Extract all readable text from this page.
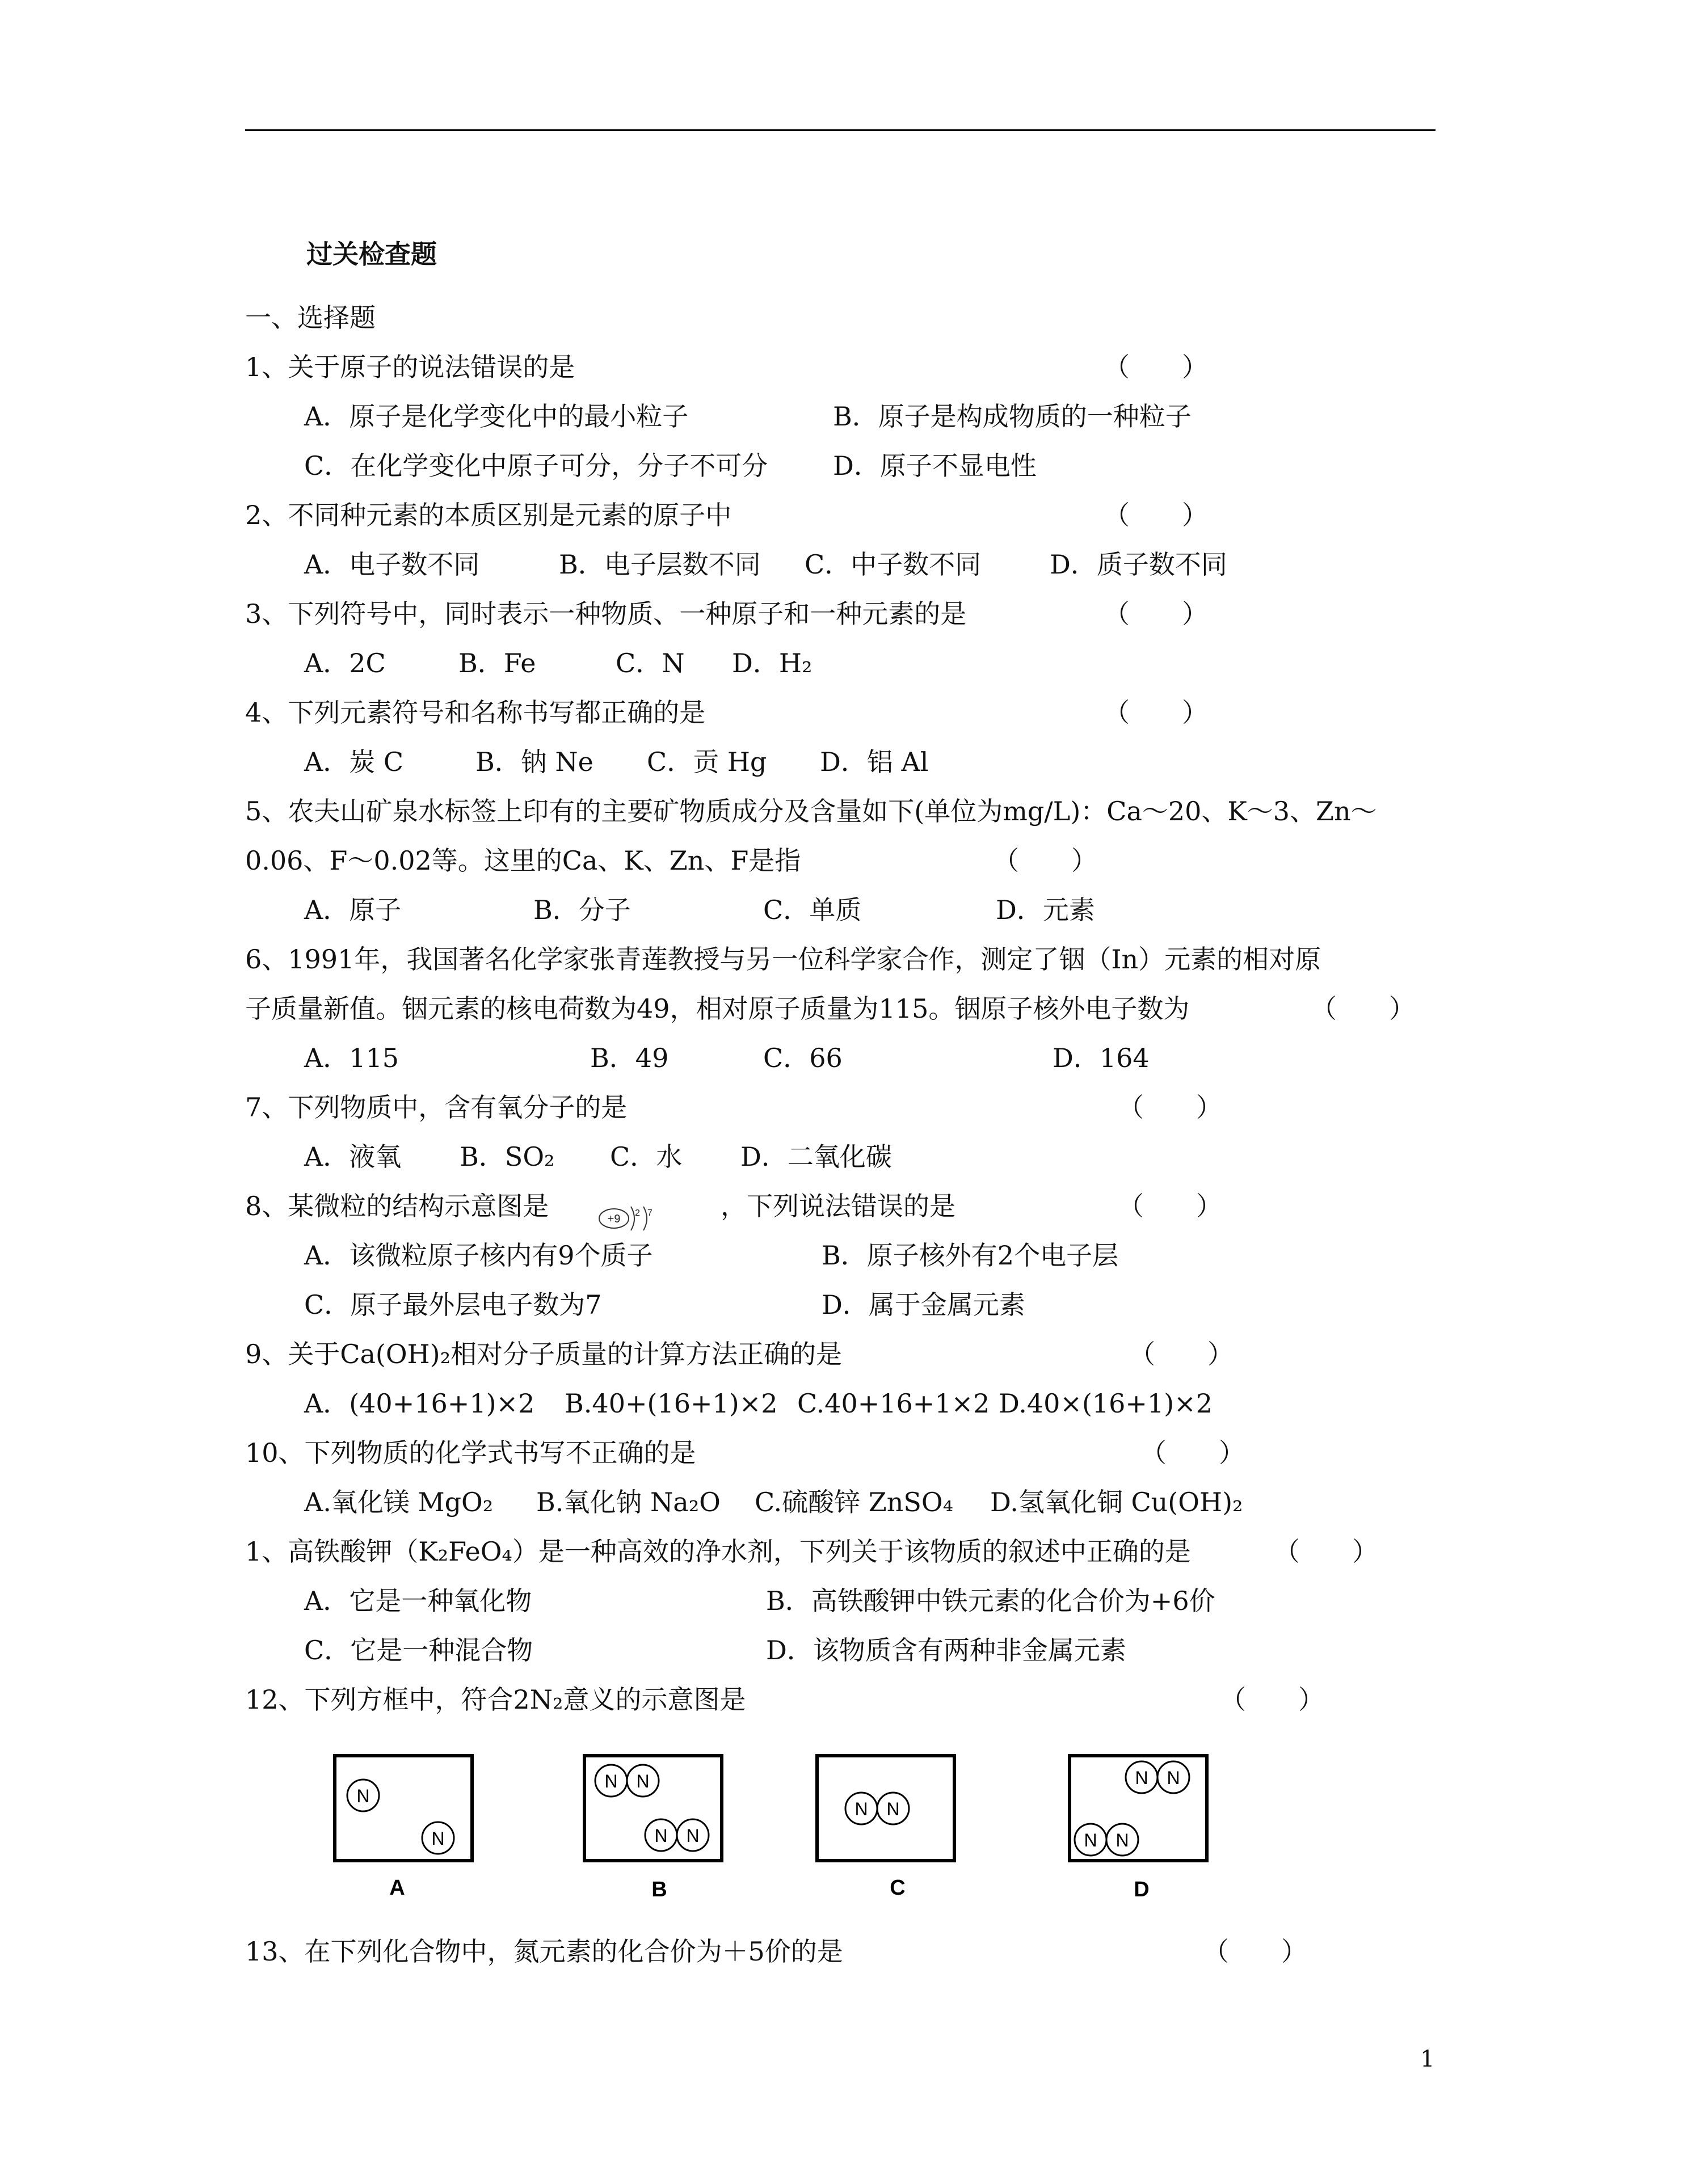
过关检查题
一、选择题
1、关于原子的说法错误的是	（　　）
A．原子是化学变化中的最小粒子	B．原子是构成物质的一种粒子
C．在化学变化中原子可分，分子不可分 D．原子不显电性
2、不同种元素的本质区别是元素的原子中	（　　）
A．电子数不同	B．电子层数不同 C．中子数不同	D．质子数不同
3、下列符号中，同时表示一种物质、一种原子和一种元素的是	（　　）
A．2C	B．Fe	C．N D．H₂
4、下列元素符号和名称书写都正确的是	（　　）
A．炭 C	B．钠 Ne C．贡 Hg D．铝 Al
5、农夫山矿泉水标签上印有的主要矿物质成分及含量如下(单位为mg/L)：Ca～20、K～3、Zn～
0.06、F～0.02等。这里的Ca、K、Zn、F是指	（　　）
A．原子	B．分子	C．单质	D．元素
6、1991年，我国著名化学家张青莲教授与另一位科学家合作，测定了铟（In）元素的相对原
子质量新值。铟元素的核电荷数为49，相对原子质量为115。铟原子核外电子数为	（　　）
A．115	B．49	C．66	D．164
7、下列物质中，含有氧分子的是	（　　）
A．液氧 B．SO₂ C．水 D．二氧化碳
8、某微粒的结构示意图是	+9 2 7	，下列说法错误的是	（　　）
A．该微粒原子核内有9个质子	B．原子核外有2个电子层
C．原子最外层电子数为7	D．属于金属元素
9、关于Ca(OH)₂相对分子质量的计算方法正确的是	（　　）
A．(40+16+1)×2 B.40+(16+1)×2 C.40+16+1×2 D.40×(16+1)×2
10、下列物质的化学式书写不正确的是	（　　）
A.氧化镁 MgO₂ B.氧化钠 Na₂O C.硫酸锌 ZnSO₄ D.氢氧化铜 Cu(OH)₂
1、高铁酸钾（K₂FeO₄）是一种高效的净水剂，下列关于该物质的叙述中正确的是	（　　）
A．它是一种氧化物	B．高铁酸钾中铁元素的化合价为+6价
C．它是一种混合物	D．该物质含有两种非金属元素
12、下列方框中，符合2N₂意义的示意图是	（　　）
N
N
N N
N N
N N
N N
N N
A	B	C	D
13、在下列化合物中，氮元素的化合价为＋5价的是	（　　）
1
